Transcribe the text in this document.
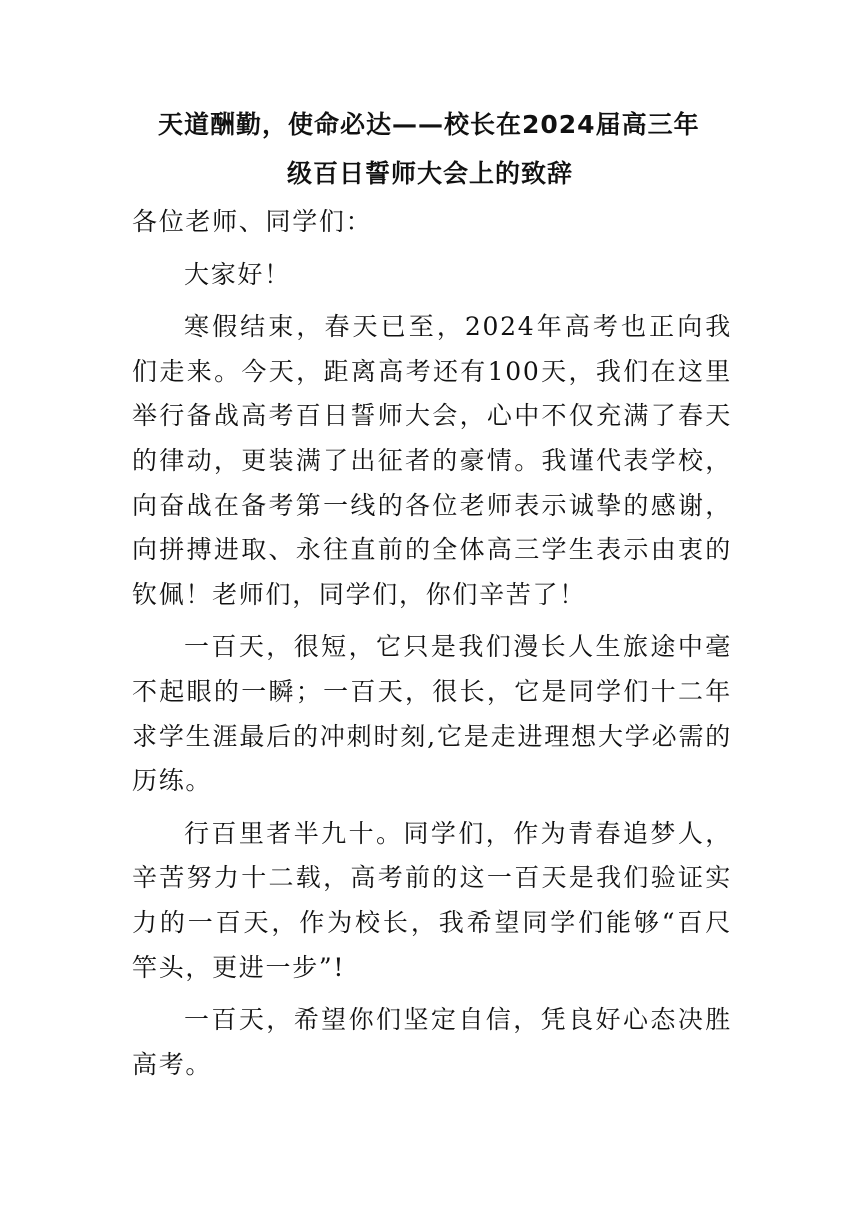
天道酬勤，使命必达——校长在2024届高三年
级百日誓师大会上的致辞

各位老师、同学们：

大家好！

寒假结束，春天已至，2024年高考也正向我们走来。今天，距离高考还有100天，我们在这里举行备战高考百日誓师大会，心中不仅充满了春天的律动，更装满了出征者的豪情。我谨代表学校，向奋战在备考第一线的各位老师表示诚挚的感谢，向拼搏进取、永往直前的全体高三学生表示由衷的钦佩！老师们，同学们，你们辛苦了！

一百天，很短，它只是我们漫长人生旅途中毫不起眼的一瞬；一百天，很长，它是同学们十二年求学生涯最后的冲刺时刻,它是走进理想大学必需的历练。

行百里者半九十。同学们，作为青春追梦人，辛苦努力十二载，高考前的这一百天是我们验证实力的一百天，作为校长，我希望同学们能够“百尺竿头，更进一步”!

一百天，希望你们坚定自信，凭良好心态决胜高考。
